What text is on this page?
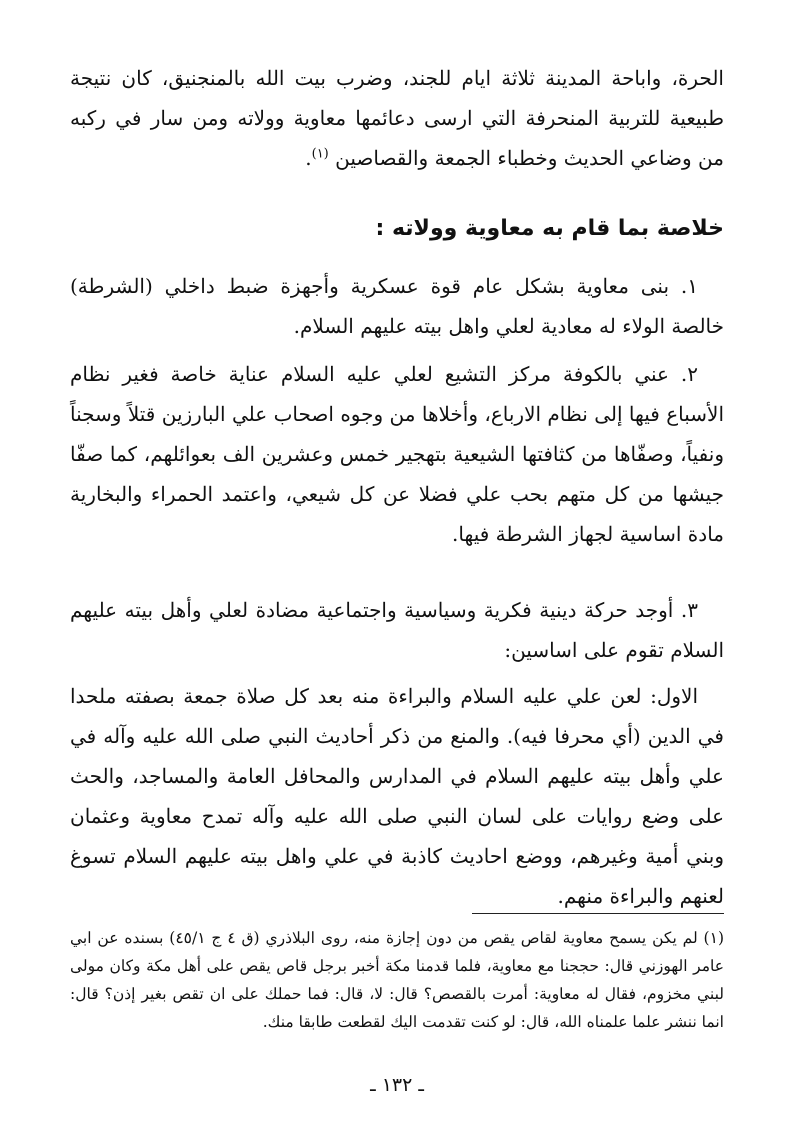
الحرة، واباحة المدينة ثلاثة ايام للجند، وضرب بيت الله بالمنجنيق، كان نتيجة طبيعية للتربية المنحرفة التي ارسى دعائمها معاوية وولاته ومن سار في ركبه من وضاعي الحديث وخطباء الجمعة والقصاصين $^{(١)}$.
خلاصة بما قام به معاوية وولاته :
١. بنى معاوية بشكل عام قوة عسكرية وأجهزة ضبط داخلي (الشرطة) خالصة الولاء له معادية لعلي واهل بيته عليهم السلام.
٢. عني بالكوفة مركز التشيع لعلي عليه السلام عناية خاصة فغير نظام الأسباع فيها إلى نظام الارباع، وأخلاها من وجوه اصحاب علي البارزين قتلاً وسجناً ونفياً، وصفّاها من كثافتها الشيعية بتهجير خمس وعشرين الف بعوائلهم، كما صفّا جيشها من كل متهم بحب علي فضلا عن كل شيعي، واعتمد الحمراء والبخارية مادة اساسية لجهاز الشرطة فيها.
٣. أوجد حركة دينية فكرية وسياسية واجتماعية مضادة لعلي وأهل بيته عليهم السلام تقوم على اساسين:
الاول: لعن علي عليه السلام والبراءة منه بعد كل صلاة جمعة بصفته ملحدا في الدين (أي محرفا فيه). والمنع من ذكر أحاديث النبي صلى الله عليه وآله في علي وأهل بيته عليهم السلام في المدارس والمحافل العامة والمساجد، والحث على وضع روايات على لسان النبي صلى الله عليه وآله تمدح معاوية وعثمان وبني أمية وغيرهم، ووضع احاديث كاذبة في علي واهل بيته عليهم السلام تسوغ لعنهم والبراءة منهم.
(١) لم يكن يسمح معاوية لقاص يقص من دون إجازة منه، روى البلاذري (ق ٤ ج ٤٥/١) بسنده عن ابي عامر الهوزني قال: حججنا مع معاوية، فلما قدمنا مكة أخبر برجل قاص يقص على أهل مكة وكان مولى لبني مخزوم، فقال له معاوية: أمرت بالقصص؟ قال: لا، قال: فما حملك على ان تقص بغير إذن؟ قال: انما ننشر علما علمناه الله، قال: لو كنت تقدمت اليك لقطعت طابقا منك.
ـ ١٣٢ ـ
